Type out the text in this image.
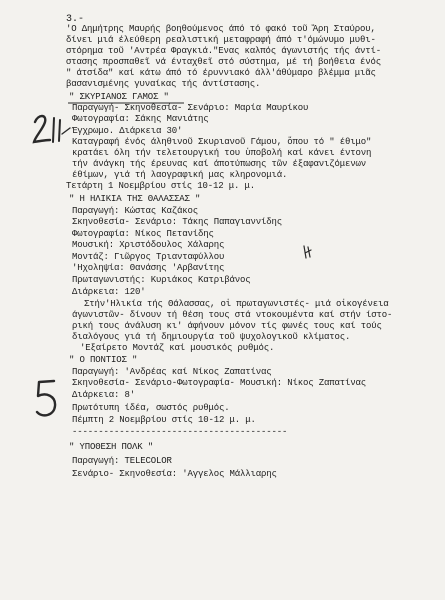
3.-
'Ο Δημήτρης Μαυρής βοηθούμενος άπό τό φακό τοῦ Ἄρη Σταύρου,
δίνει μιά έλεύθερη ρεαλιστική μεταφραφή άπό τ'όμώνυμο μυθι-
στόρημα τοῦ 'Αντρέα Φραγκιά."Ενας καλπός άγωνιστής τής άντί-
στασης προσπαθεῖ νά ένταχθεῖ στό σύστημα, μέ τή βοήθεια ένός
" άτσίδα" καί κάτω άπό τό έρυννιακό άλλ'άθύμαρο βλέμμα μιᾶς
βασανισμένης γυναίκας τής άντίστασης.
" ΣΚΥΡΙΑΝΟΣ ΓΑΜΟΣ "
Παραγωγή- Σκηνοθεσία- Σενάριο: Μαρία Μαυρίκου
Φωτογραφία: Σάκης Μανιάτης
Έγχρωμο. Διάρκεια 30'
Καταγραφή ένός άληθινοῦ Σκυριανοῦ Γάμου, ὅπου τό " έθιμο"
κρατάει όλη τήν τελετουργική του ὑποβολή καί κάνει έντονη
τήν άνάγκη τής έρευνας καί άποτύπωσης τῶν έξαφανιζόμενων
έθίμων, γιά τή λαογραφική μας κληρονομιά.
Τετάρτη 1 Νοεμβρίου στίς 10-12 μ. μ.
" Η ΗΛΙΚΙΑ ΤΗΣ ΘΑΛΑΣΣΑΣ "
Παραγωγή: Κώστας Καζάκος
Σκηνοθεσία- Σενάριο: Τάκης Παπαγιαννίδης
Φωτογραφία: Νίκος Πετανίδης
Μουσική: Χριστόδουλος Χάλαρης
Μοντάζ: Γιῶργος Τριανταφύλλου
'Ηχοληψία: Θανάσης 'Αρβανίτης
Πρωταγωνιστής: Κυριάκος Κατριβάνος
Διάρκεια: 120'
Στήν'Ηλικία τής Θάλασσας, οἱ πρωταγωνιστές- μιά οἰκογένεια
άγωνιστῶν- δίνουν τή θέση τους στά ντοκουμέντα καί στήν ίστο-
ρική τους άνάλυση κι' άφήνουν μόνον τίς φωνές τους καί τούς
διαλόγους γιά τή δημιουργία τοῦ ψυχολογικοῦ κλίματος.
'Εξαίρετο Μοντάζ καί μουσικός ρυθμός.
" Ο ΠΟΝΤΙΟΣ "
Παραγωγή: 'Ανδρέας καί Νίκος Ζαπατίνας
Σκηνοθεσία- Σενάριο-Φωτογραφία- Μουσική: Νίκος Ζαπατίνας
Διάρκεια: 8'
Πρωτότυπη ίδέα, σωστός ρυθμός.
Πέμπτη 2 Νοεμβρίου στίς 10-12 μ. μ.
-----------------------------------------
" ΥΠΟΘΕΣΗ ΠΟΛΚ "
Παραγωγή: TELECOLOR
Σενάριο- Σκηνοθεσία: 'Αγγελος Μάλλιαρης
